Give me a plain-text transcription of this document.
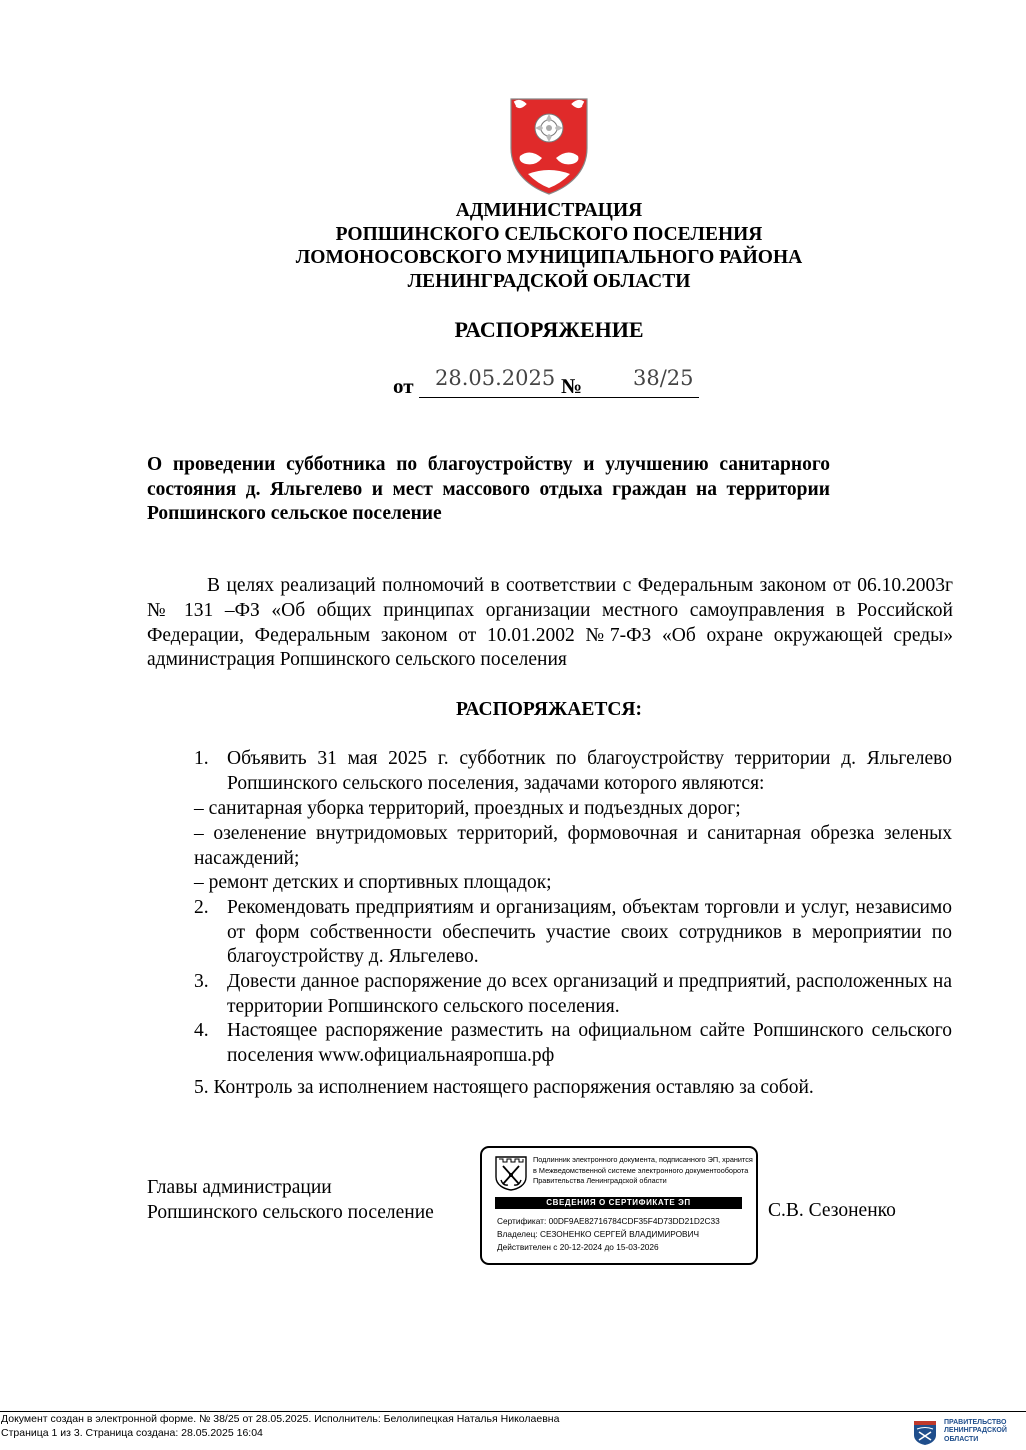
АДМИНИСТРАЦИЯ
РОПШИНСКОГО СЕЛЬСКОГО ПОСЕЛЕНИЯ
ЛОМОНОСОВСКОГО МУНИЦИПАЛЬНОГО РАЙОНА
ЛЕНИНГРАДСКОЙ ОБЛАСТИ
РАСПОРЯЖЕНИЕ
от 28.05.2025 № 38/25
О проведении субботника по благоустройству и улучшению санитарного состояния д. Яльгелево и мест массового отдыха граждан на территории Ропшинского сельское поселение
В целях реализаций полномочий в соответствии с Федеральным законом от 06.10.2003г № 131 –ФЗ «Об общих принципах организации местного самоуправления в Российской Федерации, Федеральным законом от 10.01.2002 №7-ФЗ «Об охране окружающей среды» администрация Ропшинского сельского поселения
РАСПОРЯЖАЕТСЯ:
1. Объявить 31 мая 2025 г. субботник по благоустройству территории д. Яльгелево Ропшинского сельского поселения, задачами которого являются:
– санитарная уборка территорий, проездных и подъездных дорог;
– озеленение внутридомовых территорий, формовочная и санитарная обрезка зеленых насаждений;
– ремонт детских и спортивных площадок;
2. Рекомендовать предприятиям и организациям, объектам торговли и услуг, независимо от форм собственности обеспечить участие своих сотрудников в мероприятии по благоустройству д. Яльгелево.
3. Довести данное распоряжение до всех организаций и предприятий, расположенных на территории Ропшинского сельского поселения.
4. Настоящее распоряжение разместить на официальном сайте Ропшинского сельского поселения www.официальнаяропша.рф
5. Контроль за исполнением настоящего распоряжения оставляю за собой.
Главы администрации
Ропшинского сельского поселение	С.В. Сезоненко
Подлинник электронного документа, подписанного ЭП, хранится в Межведомственной системе электронного документооборота Правительства Ленинградской области
СВЕДЕНИЯ О СЕРТИФИКАТЕ ЭП
Сертификат: 00DF9AE82716784CDF35F4D73DD21D2C33
Владелец: СЕЗОНЕНКО СЕРГЕЙ ВЛАДИМИРОВИЧ
Действителен с 20-12-2024 до 15-03-2026
Документ создан в электронной форме. № 38/25 от 28.05.2025. Исполнитель: Белолипецкая Наталья Николаевна
Страница 1 из 3. Страница создана: 28.05.2025 16:04
ПРАВИТЕЛЬСТВО
ЛЕНИНГРАДСКОЙ
ОБЛАСТИ
